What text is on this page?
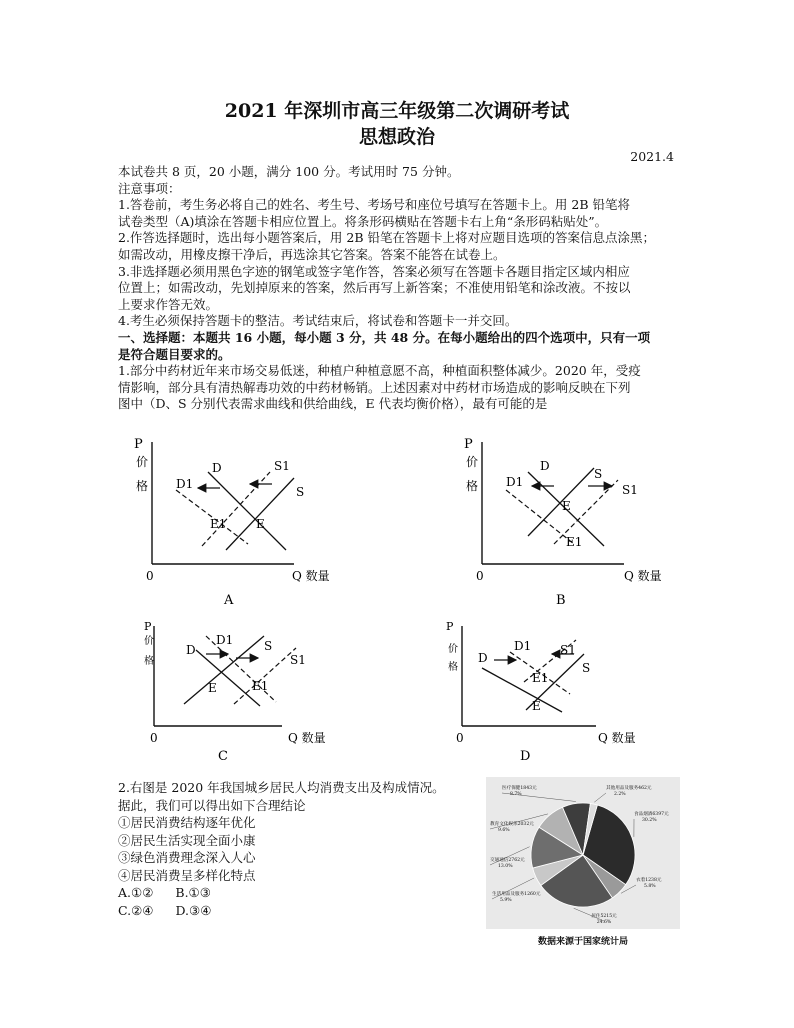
2021 年深圳市高三年级第二次调研考试
思想政治
2021.4

本试卷共 8 页，20 小题，满分 100 分。考试用时 75 分钟。

注意事项：

1.答卷前，考生务必将自己的姓名、考生号、考场号和座位号填写在答题卡上。用 2B 铅笔将

试卷类型（A)填涂在答题卡相应位置上。将条形码横贴在答题卡右上角“条形码粘贴处”。

2.作答选择题时，选出每小题答案后，用 2B 铅笔在答题卡上将对应题目选项的答案信息点涂黑；

如需改动，用橡皮擦干净后，再选涂其它答案。答案不能答在试卷上。

3.非选择题必须用黑色字迹的钢笔或签字笔作答，答案必须写在答题卡各题目指定区域内相应

位置上；如需改动，先划掉原来的答案，然后再写上新答案；不准使用铅笔和涂改液。不按以

上要求作答无效。

4.考生必须保持答题卡的整洁。考试结束后，将试卷和答题卡一并交回。

一、选择题：本题共 16 小题，每小题 3 分，共 48 分。在每小题给出的四个选项中，只有一项

是符合题目要求的。

1.部分中药材近年来市场交易低迷，种植户种植意愿不高，种植面积整体减少。2020 年，受疫

情影响，部分具有清热解毒功效的中药材畅销。上述因素对中药材市场造成的影响反映在下列

图中（D、S 分别代表需求曲线和供给曲线，E 代表均衡价格），最有可能的是

P
价
格
0	Q 数量
D
D1
S1
S
E
E1
A
P
价
格
0	Q 数量
D
D1
S
S1
E
E1
B
P
价
格
0	Q 数量
D
D1	S
S1
E	E1
C
P
价
格
0	Q 数量
D
D1 S1
S
E1
E
D

2.右图是 2020 年我国城乡居民人均消费支出及构成情况。

据此，我们可以得出如下合理结论

①居民消费结构逐年优化

②居民生活实现全面小康

③绿色消费理念深入人心

④居民消费呈多样化特点

A.①② B.①③

C.②④ D.③④

食品烟酒6397元
30.2%
衣着1238元
5.8%
居住5215元
24.6%
生活用品及服务1260元
5.9%
交通通信2762元
13.0%
教育文化娱乐2032元
9.6%
医疗保健1843元
8.7%
其他用品及服务462元
2.2%
数据来源于国家统计局
